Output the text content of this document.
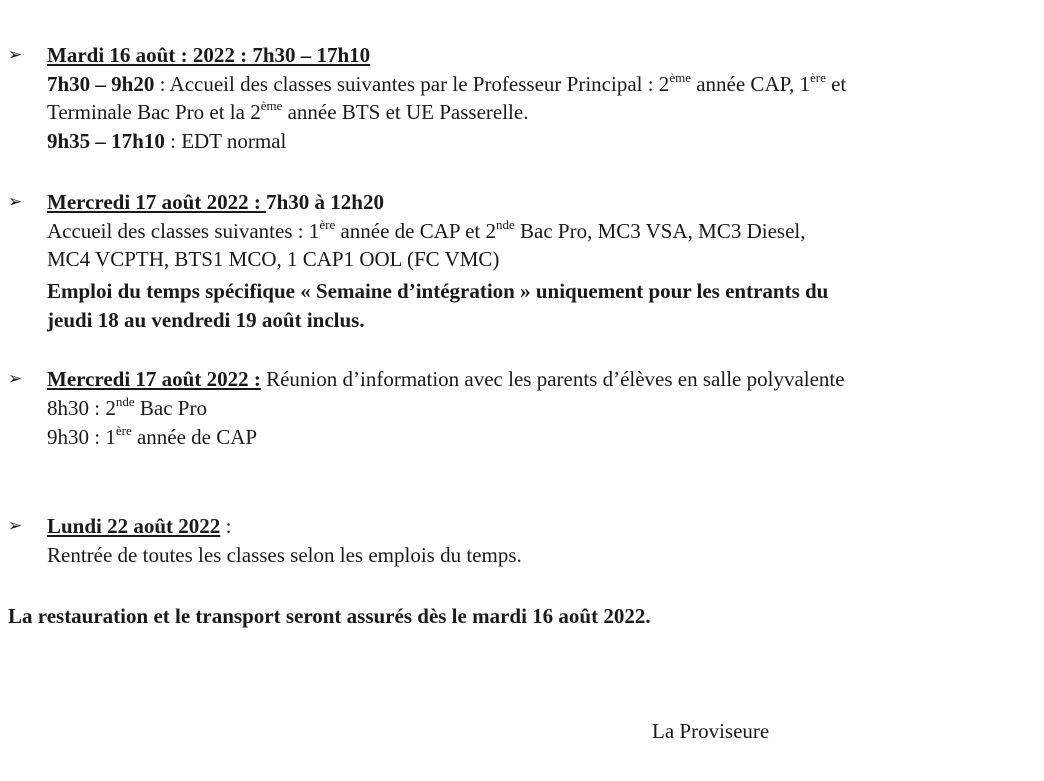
➢ Mardi 16 août : 2022 : 7h30 – 17h10
7h30 – 9h20 : Accueil des classes suivantes par le Professeur Principal : 2ème année CAP, 1ère et
Terminale Bac Pro et la 2ème année BTS et UE Passerelle.
9h35 – 17h10 : EDT normal
➢ Mercredi 17 août 2022 : 7h30 à 12h20
Accueil des classes suivantes : 1ère année de CAP et 2nde Bac Pro, MC3 VSA, MC3 Diesel,
MC4 VCPTH, BTS1 MCO, 1 CAP1 OOL (FC VMC)
Emploi du temps spécifique « Semaine d’intégration » uniquement pour les entrants du
jeudi 18 au vendredi 19 août inclus.
➢ Mercredi 17 août 2022 : Réunion d’information avec les parents d’élèves en salle polyvalente
8h30 : 2nde Bac Pro
9h30 : 1ère année de CAP
➢ Lundi 22 août 2022 :
Rentrée de toutes les classes selon les emplois du temps.
La restauration et le transport seront assurés dès le mardi 16 août 2022.
La Proviseure
